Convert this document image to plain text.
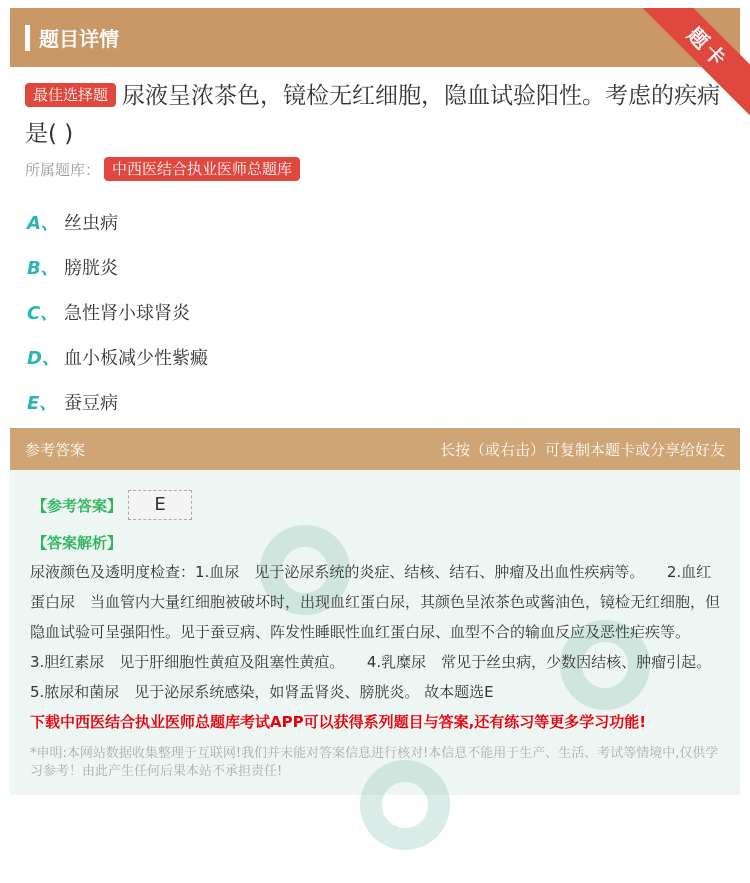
题目详情	题卡
最佳选择题 尿液呈浓茶色，镜检无红细胞，隐血试验阳性。考虑的疾病是( )
所属题库： 中西医结合执业医师总题库
A、 丝虫病
B、 膀胱炎
C、 急性肾小球肾炎
D、 血小板减少性紫癜
E、 蚕豆病
参考答案	长按（或右击）可复制本题卡或分享给好友
【参考答案】	E
【答案解析】
尿液颜色及透明度检查：1.血尿　见于泌尿系统的炎症、结核、结石、肿瘤及出血性疾病等。　　2.血红蛋白尿　当血管内大量红细胞被破坏时，出现血红蛋白尿，其颜色呈浓茶色或酱油色，镜检无红细胞，但隐血试验可呈强阳性。见于蚕豆病、阵发性睡眠性血红蛋白尿、血型不合的输血反应及恶性疟疾等。　　3.胆红素尿　见于肝细胞性黄疸及阻塞性黄疸。　　4.乳糜尿　常见于丝虫病，少数因结核、肿瘤引起。　　5.脓尿和菌尿　见于泌尿系统感染，如肾盂肾炎、膀胱炎。 故本题选E
下载中西医结合执业医师总题库考试APP可以获得系列题目与答案,还有练习等更多学习功能!
*申明:本网站数据收集整理于互联网!我们并未能对答案信息进行核对!本信息不能用于生产、生活、考试等情境中,仅供学习参考！由此产生任何后果本站不承担责任!
